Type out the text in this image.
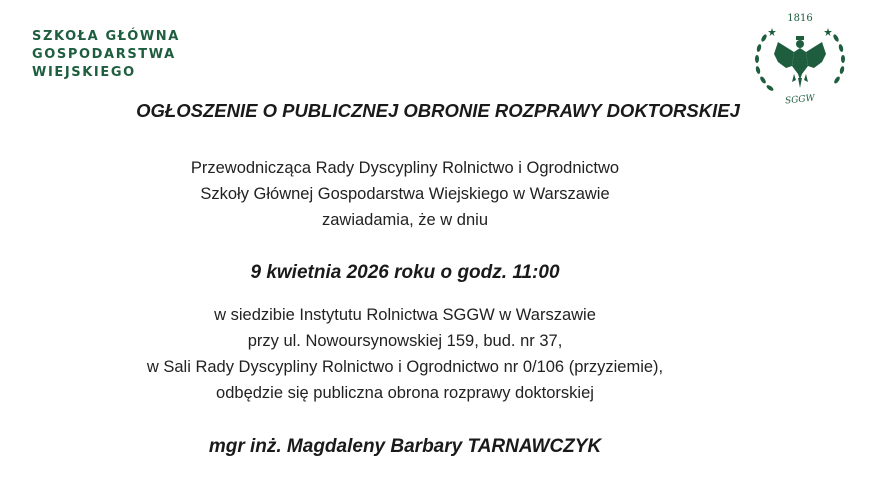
SZKOŁA GŁÓWNA
GOSPODARSTWA
WIEJSKIEGO
1816
SGGW
OGŁOSZENIE O PUBLICZNEJ OBRONIE ROZPRAWY DOKTORSKIEJ
Przewodnicząca Rady Dyscypliny Rolnictwo i Ogrodnictwo
Szkoły Głównej Gospodarstwa Wiejskiego w Warszawie
zawiadamia, że w dniu
9 kwietnia 2026 roku o godz. 11:00
w siedzibie Instytutu Rolnictwa SGGW w Warszawie
przy ul. Nowoursynowskiej 159, bud. nr 37,
w Sali Rady Dyscypliny Rolnictwo i Ogrodnictwo nr 0/106 (przyziemie),
odbędzie się publiczna obrona rozprawy doktorskiej
mgr inż. Magdaleny Barbary TARNAWCZYK
